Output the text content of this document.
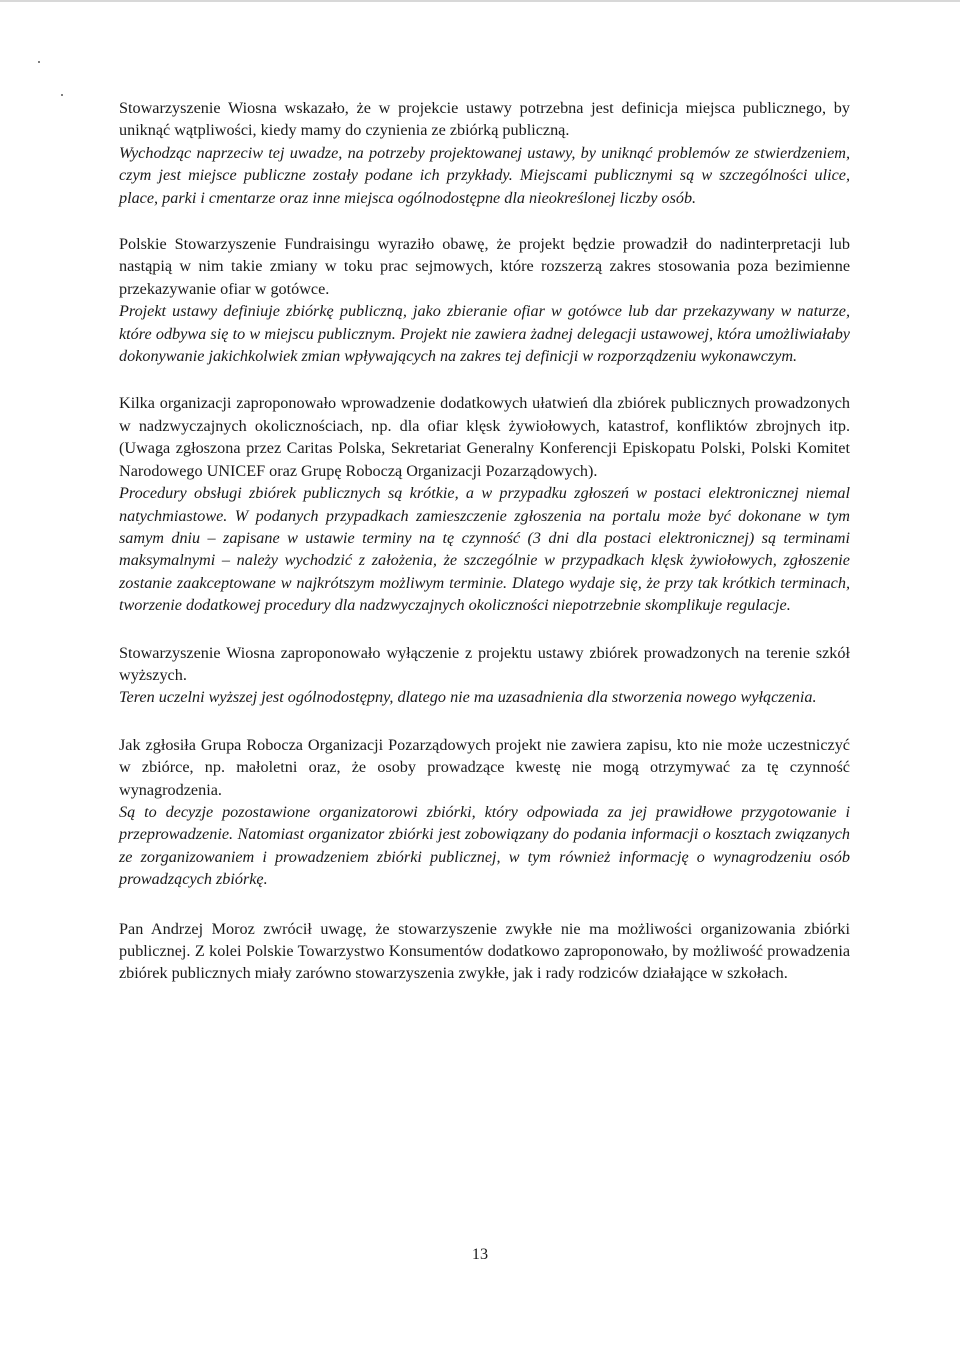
Stowarzyszenie Wiosna wskazało, że w projekcie ustawy potrzebna jest definicja miejsca publicznego, by uniknąć wątpliwości, kiedy mamy do czynienia ze zbiórką publiczną.

Wychodząc naprzeciw tej uwadze, na potrzeby projektowanej ustawy, by uniknąć problemów ze stwierdzeniem, czym jest miejsce publiczne zostały podane ich przykłady. Miejscami publicznymi są w szczególności ulice, place, parki i cmentarze oraz inne miejsca ogólnodostępne dla nieokreślonej liczby osób.

Polskie Stowarzyszenie Fundraisingu wyraziło obawę, że projekt będzie prowadził do nadinterpretacji lub nastąpią w nim takie zmiany w toku prac sejmowych, które rozszerzą zakres stosowania poza bezimienne przekazywanie ofiar w gotówce.

Projekt ustawy definiuje zbiórkę publiczną, jako zbieranie ofiar w gotówce lub dar przekazywany w naturze, które odbywa się to w miejscu publicznym. Projekt nie zawiera żadnej delegacji ustawowej, która umożliwiałaby dokonywanie jakichkolwiek zmian wpływających na zakres tej definicji w rozporządzeniu wykonawczym.

Kilka organizacji zaproponowało wprowadzenie dodatkowych ułatwień dla zbiórek publicznych prowadzonych w nadzwyczajnych okolicznościach, np. dla ofiar klęsk żywiołowych, katastrof, konfliktów zbrojnych itp. (Uwaga zgłoszona przez Caritas Polska, Sekretariat Generalny Konferencji Episkopatu Polski, Polski Komitet Narodowego UNICEF oraz Grupę Roboczą Organizacji Pozarządowych).

Procedury obsługi zbiórek publicznych są krótkie, a w przypadku zgłoszeń w postaci elektronicznej niemal natychmiastowe. W podanych przypadkach zamieszczenie zgłoszenia na portalu może być dokonane w tym samym dniu – zapisane w ustawie terminy na tę czynność (3 dni dla postaci elektronicznej) są terminami maksymalnymi – należy wychodzić z założenia, że szczególnie w przypadkach klęsk żywiołowych, zgłoszenie zostanie zaakceptowane w najkrótszym możliwym terminie. Dlatego wydaje się, że przy tak krótkich terminach, tworzenie dodatkowej procedury dla nadzwyczajnych okoliczności niepotrzebnie skomplikuje regulacje.

Stowarzyszenie Wiosna zaproponowało wyłączenie z projektu ustawy zbiórek prowadzonych na terenie szkół wyższych.

Teren uczelni wyższej jest ogólnodostępny, dlatego nie ma uzasadnienia dla stworzenia nowego wyłączenia.

Jak zgłosiła Grupa Robocza Organizacji Pozarządowych projekt nie zawiera zapisu, kto nie może uczestniczyć w zbiórce, np. małoletni oraz, że osoby prowadzące kwestę nie mogą otrzymywać za tę czynność wynagrodzenia.

Są to decyzje pozostawione organizatorowi zbiórki, który odpowiada za jej prawidłowe przygotowanie i przeprowadzenie. Natomiast organizator zbiórki jest zobowiązany do podania informacji o kosztach związanych ze zorganizowaniem i prowadzeniem zbiórki publicznej, w tym również informację o wynagrodzeniu osób prowadzących zbiórkę.

Pan Andrzej Moroz zwrócił uwagę, że stowarzyszenie zwykłe nie ma możliwości organizowania zbiórki publicznej. Z kolei Polskie Towarzystwo Konsumentów dodatkowo zaproponowało, by możliwość prowadzenia zbiórek publicznych miały zarówno stowarzyszenia zwykłe, jak i rady rodziców działające w szkołach.

13
